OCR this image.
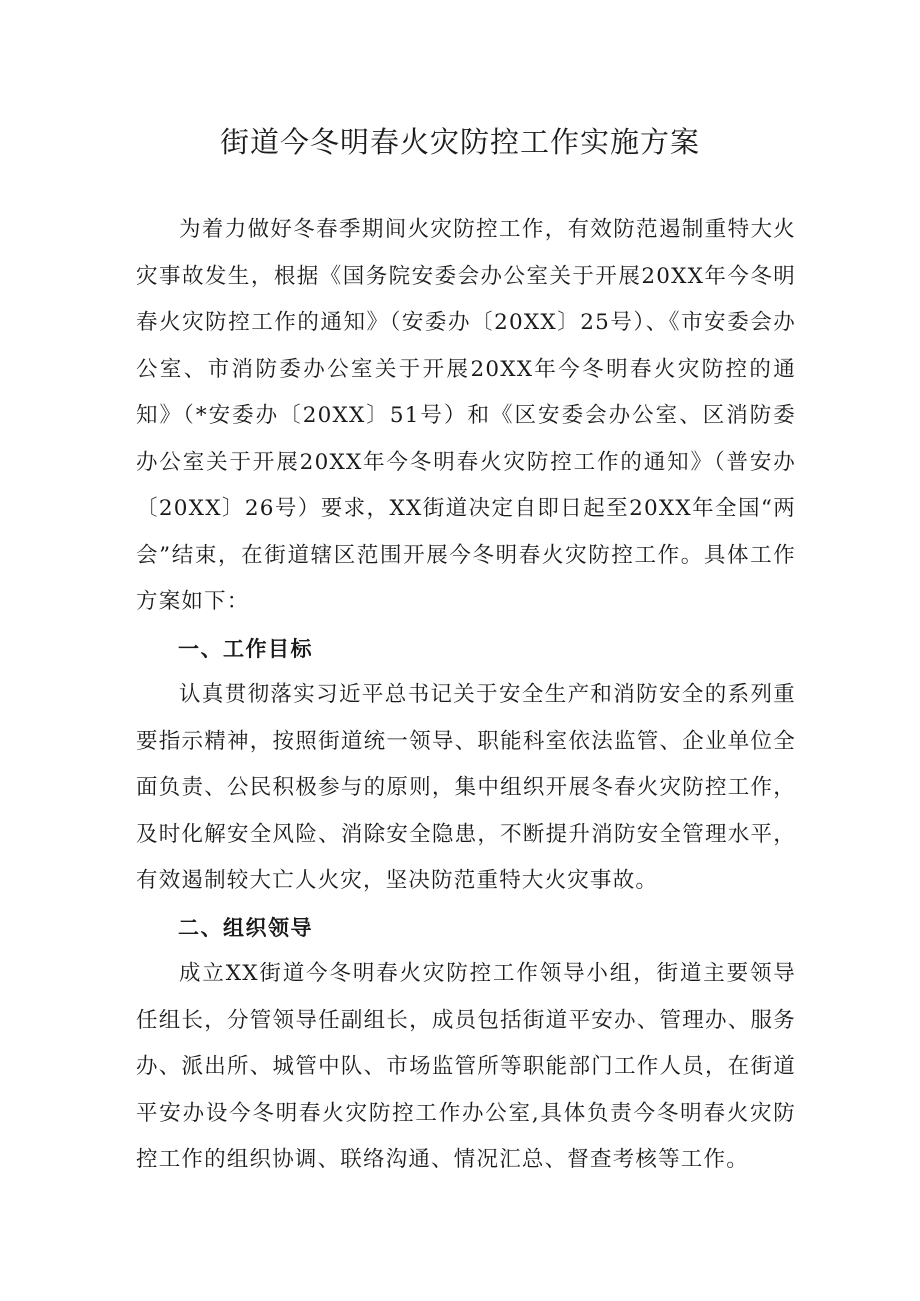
街道今冬明春火灾防控工作实施方案

为着力做好冬春季期间火灾防控工作，有效防范遏制重特大火灾事故发生，根据《国务院安委会办公室关于开展20XX年今冬明春火灾防控工作的通知》（安委办〔20XX〕25号）、《市安委会办公室、市消防委办公室关于开展20XX年今冬明春火灾防控的通知》（*安委办〔20XX〕51号）和《区安委会办公室、区消防委办公室关于开展20XX年今冬明春火灾防控工作的通知》（普安办〔20XX〕26号）要求，XX街道决定自即日起至20XX年全国“两会”结束，在街道辖区范围开展今冬明春火灾防控工作。具体工作方案如下：

一、工作目标

认真贯彻落实习近平总书记关于安全生产和消防安全的系列重要指示精神，按照街道统一领导、职能科室依法监管、企业单位全面负责、公民积极参与的原则，集中组织开展冬春火灾防控工作，及时化解安全风险、消除安全隐患，不断提升消防安全管理水平，有效遏制较大亡人火灾，坚决防范重特大火灾事故。

二、组织领导

成立XX街道今冬明春火灾防控工作领导小组，街道主要领导任组长，分管领导任副组长，成员包括街道平安办、管理办、服务办、派出所、城管中队、市场监管所等职能部门工作人员，在街道平安办设今冬明春火灾防控工作办公室,具体负责今冬明春火灾防控工作的组织协调、联络沟通、情况汇总、督查考核等工作。
